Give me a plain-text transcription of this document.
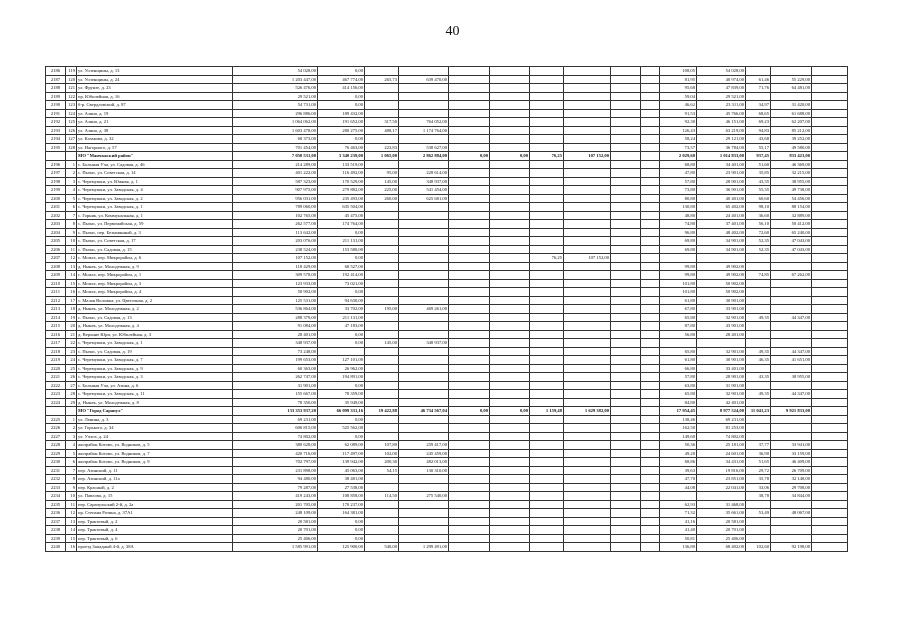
40
2186	119	ул. Успенщины, д. 13	54 028,00	0,00									108,05	54 028,00			
2187	120	ул. Успенщины, д. 24	1 203 447,00	467 774,00	265,73	639 470,00							81,95	40 974,00	61,46	55 229,00	
2188	121	ул. Фрунзе, д. 23	526 476,00	414 156,00									95,68	47 839,00	71,76	64 481,00	
2189	122	пр. Юбилейная, д. 16	29 521,00	0,00									59,04	29 521,00			
2190	123	б-р. Свердловский, д. 87	54 731,00	0,00									46,62	23 311,00	34,97	31 420,00	
2191	124	ул. Азина, д. 19	296 886,00	189 432,00									91,53	45 766,00	68,65	61 688,00	
2192	125	ул. Азина, д. 21	1 064 062,00	191 652,00	317,50	764 052,00							92,30	46 151,00	69,23	62 207,00	
2193	126	ул. Азина, д. 38	1 603 478,00	280 275,00	488,17	1 174 764,00							126,43	63 219,00	94,83	85 212,00	
2194	127	ул. Казакова, д. 32	68 373,00	0,00									58,24	29 121,00	43,68	39 252,00	
2195	128	ул. Нагорного, д. 57	701 454,00	76 463,00	223,83	538 627,00							73,57	36 784,00	55,17	49 580,00	
		МО "Манчажский район"	7 050 531,00	3 340 239,00	1 065,00	2 862 884,00	0,00	0,00	76,25	107 152,00			2 029,60	1 014 833,00	937,45	833 423,00	
2196	1	с. Большая Уча, ул. Садовая, д. 46	214 289,00	133 519,00									68,80	34 401,00	51,60	46 369,00	
2197	2	с. Пычас, ул. Советская, д. 14	401 222,00	116 492,00	95,00	228 614,00							47,80	23 901,00	35,85	32 215,00	
2198	3	с. Черемушки, ул. Южная, д. 1	587 323,00	170 529,00	145,00	348 937,00							57,80	28 901,00	43,35	38 955,00	
2199	4	с. Черемушки, ул. Заводская, д. 4	907 975,00	279 882,00	225,00	541 454,00							73,80	36 901,00	55,35	49 738,00	
2200	5	с. Черемушки, ул. Заводская, д. 2	956 031,00	235 493,00	260,00	625 681,00							80,80	40 401,00	60,60	54 456,00	
2201	6	с. Черемушки, ул. Заводская, д. 1	789 060,00	635 504,00									130,80	65 402,00	98,10	88 154,00	
2202	7	с. Горняк, ул. Коммунальная, д. 1	102 765,00	45 475,00									48,80	24 401,00	36,60	32 889,00	
2203	8	с. Пычас, ул. Первомайская, д. 59	262 577,00	174 764,00									74,80	37 401,00	56,10	50 412,00	
2204	9	с. Пычас, пер. Безымянный, д. 3	113 642,00	0,00									96,80	48 402,00	72,60	65 240,00	
2205	10	с. Пычас, ул. Советская, д. 17	203 076,00	211 131,00									69,80	34 901,00	52,35	47 043,00	
2206	11	с. Пычас, ул. Садовая, д. 15	238 524,00	153 580,00									69,80	34 901,00	52,35	47 043,00	
2207	12	с. Можга, пер. Микрорайон, д. 6	107 152,00	0,00					76,25	107 152,00							
2208	13	д. Нынек, ул. Молодежная, д. 9	118 429,00	68 527,00									99,80	49 902,00			
2209	14	с. Можга, пер. Микрорайон, д. 1	309 578,00	192 414,00									99,80	49 902,00	74,85	67 262,00	
2210	15	с. Можга, пер. Микрорайон, д. 3	123 933,00	73 021,00									101,80	50 902,00			
2211	16	с. Можга, пер. Микрорайон, д. 4	50 902,00	0,00									101,80	50 902,00			
2212	17	с. Малая Воложка, ул. Цветочная, д. 2	125 531,00	94 630,00									61,80	30 901,00			
2213	18	д. Нынек, ул. Молодежная, д. 2	536 864,00	33 702,00	195,00	469 261,00							67,80	33 901,00			
2214	19	с. Пычас, ул. Садовая, д. 13	288 379,00	211 131,00									65,80	32 901,00	49,35	44 347,00	
2215	20	д. Нынек, ул. Молодежная, д. 4	91 084,00	47 183,00									87,80	43 901,00			
2216	21	д. Верхние Юри, ул. Юбилейная, д. 3	28 401,00	0,00									56,80	28 401,00			
2217	22	с. Черемушки, ул. Заводская, д. 1	348 937,00	0,00	145,00	348 937,00											
2218	23	с. Пычас, ул. Садовая, д. 19	73 248,00										65,80	32 901,00	49,35	44 347,00	
2219	24	с. Черемушки, ул. Заводская, д. 7	199 653,00	127 101,00									61,80	30 901,00	46,35	41 651,00	
2220	25	с. Черемушки, ул. Заводская, д. 9	60 363,00	26 962,00									66,80	33 401,00			
2221	26	с. Черемушки, ул. Заводская, д. 3	262 747,00	194 891,00									57,80	28 901,00	43,35	38 955,00	
2222	27	с. Большая Уча, ул. Азина, д. 6	31 901,00	0,00									63,80	31 901,00			
2223	28	с. Черемушки, ул. Заводская, д. 11	155 667,00	78 359,00									65,80	32 901,00	49,35	44 347,00	
2224	29	д. Нынек, ул. Молодежная, д. 8	78 350,00	35 949,00									84,80	42 401,00			
		МО "Город Сарапул"	133 353 937,20	66 099 331,16	19 422,88	46 734 567,04	0,00	0,00	1 159,48	1 629 382,00			17 954,45	8 977 524,00	11 041,23	9 921 833,00	
2225	1	ул. Ленина, д. 3	69 231,00	0,00									138,46	69 231,00			
2226	2	ул. Горького, д. 34	606 815,00	525 562,00									162,50	81 253,00			
2227	3	ул. Учхоз, д. 24	74 802,00	0,00									149,60	74 802,00			
2228	4	жилрайон Котово, ул. Водников, д. 5	380 628,00	62 089,00	107,80	259 417,00							50,36	25 181,00	37,77	33 941,00	
2229	5	жилрайон Котово, ул. Водников, д. 7	420 716,00	117 497,00	102,00	245 459,00							49,20	24 601,00	36,90	33 159,00	
2230	6	жилрайон Котово, ул. Водников, д. 9	702 797,00	139 942,00	200,30	482 013,00							68,86	34 431,00	51,65	46 409,00	
2231	7	пер. Азинский, д. 11	231 898,00	45 063,00	54,15	130 310,00							39,63	19 816,00	29,72	26 709,00	
2232	8	пер. Азинский, д. 11а	94 480,00	38 481,00									47,70	23 851,00	35,78	32 148,00	
2233	9	пер. Красный, д. 2	79 287,00	27 538,00									44,08	22 041,00	33,06	29 708,00	
2234	10	ул. Павлова, д. 15	419 243,00	108 858,00	114,50	275 540,00									38,78	34 844,00	
2235	11	пер. Сарапульский 2-й, д. 2а	201 705,00	170 237,00									62,93	31 468,00			
2236	12	пр. Степана Разина, д. 37А1	248 109,00	164 381,00									71,32	35 661,00	53,49	48 067,00	
2237	13	пер. Трактовый, д. 2	20 581,00	0,00									41,16	20 581,00			
2238	14	пер. Трактовый, д. 4	20 701,00	0,00									41,40	20 701,00			
2239	15	пер. Трактовый, д. 6	25 406,00	0,00									50,81	25 406,00			
2240	16	проезд Западный 4-й, д. 38А	1 585 991,00	125 900,00	540,00	1 299 491,00							136,80	68 402,00	102,60	92 198,00	
